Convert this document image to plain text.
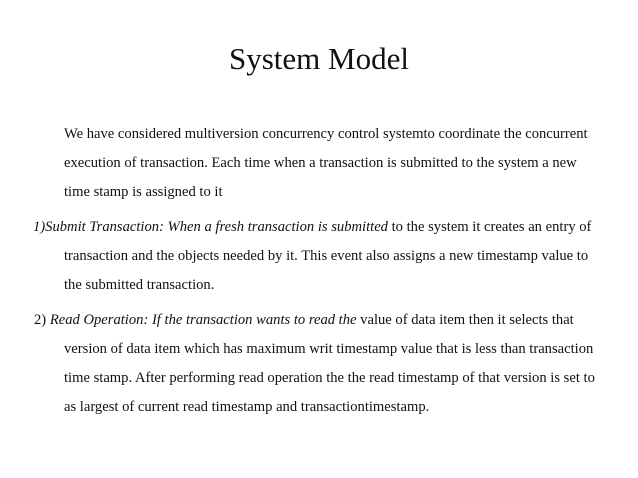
System Model

We have considered multiversion concurrency control systemto coordinate the concurrent execution of transaction. Each time when a transaction is submitted to the system a new time stamp is assigned to it

1)Submit Transaction: When a fresh transaction is submitted to the system it creates an entry of transaction and the objects needed by it. This event also assigns a new timestamp value to the submitted transaction.

2) Read Operation: If the transaction wants to read the value of data item then it selects that version of data item which has maximum writ timestamp value that is less than transaction time stamp. After performing read operation the the read timestamp of that version is set to as largest of current read timestamp and transactiontimestamp.
